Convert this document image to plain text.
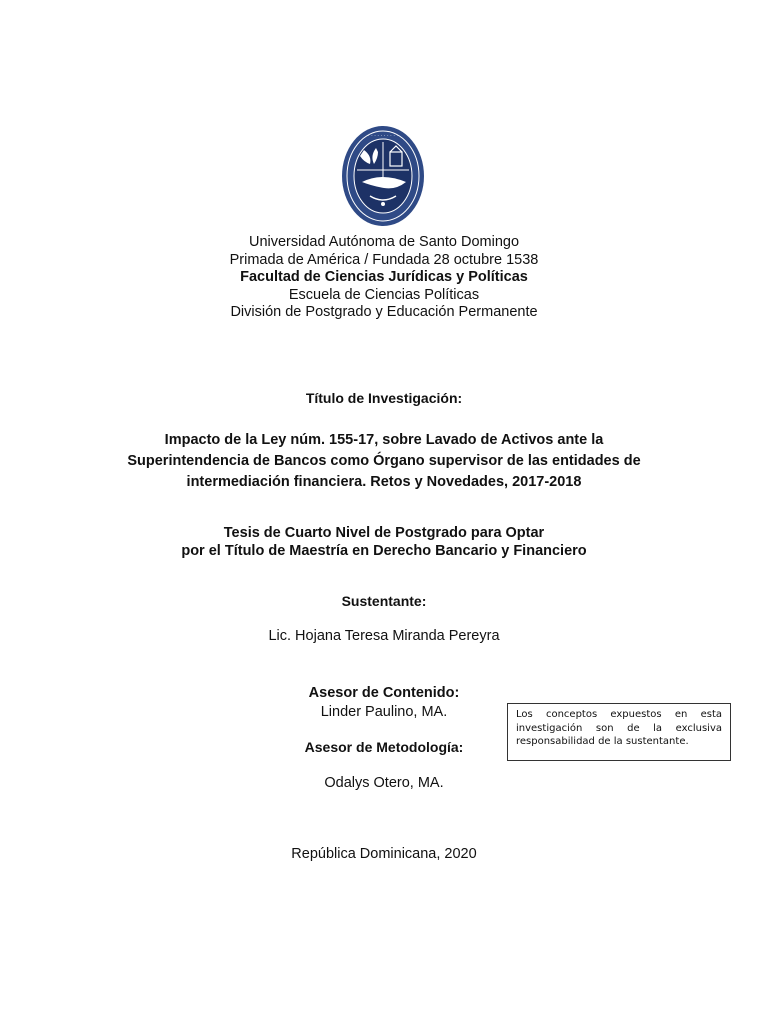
· · · · · · · · · ·
Universidad Autónoma de Santo Domingo
Primada de América / Fundada 28 octubre 1538
Facultad de Ciencias Jurídicas y Políticas
Escuela de Ciencias Políticas
División de Postgrado y Educación Permanente
Título de Investigación:
Impacto de la Ley núm. 155-17, sobre Lavado de Activos ante la
Superintendencia de Bancos como Órgano supervisor de las entidades de
intermediación financiera. Retos y Novedades, 2017-2018
Tesis de Cuarto Nivel de Postgrado para Optar
por el Título de Maestría en Derecho Bancario y Financiero
Sustentante:
Lic. Hojana Teresa Miranda Pereyra
Asesor de Contenido:
Linder Paulino, MA.
Asesor de Metodología:
Odalys Otero, MA.
República Dominicana, 2020
Los conceptos expuestos en esta investigación son de la exclusiva responsabilidad de la sustentante.
